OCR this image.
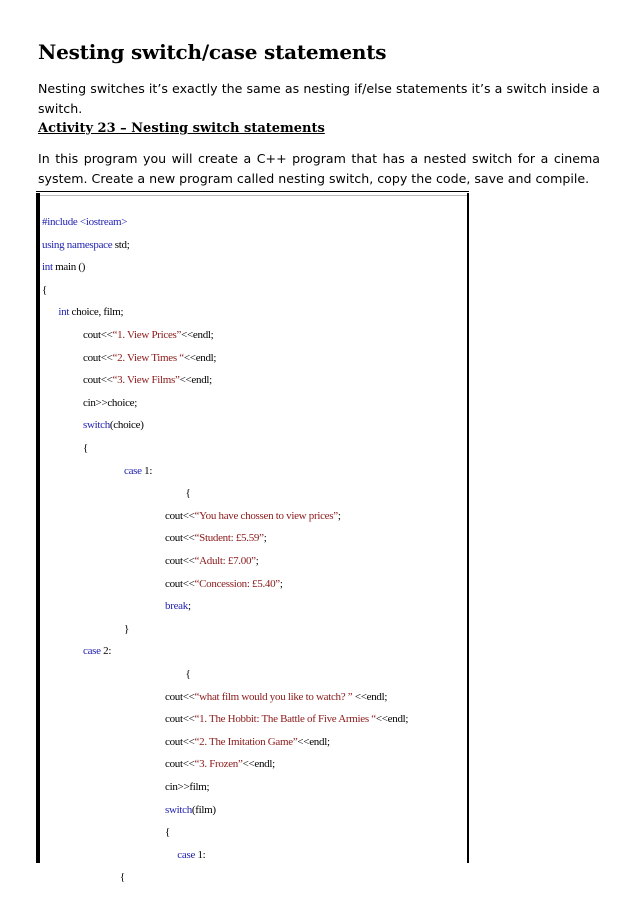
Nesting switch/case statements

Nesting switches it’s exactly the same as nesting if/else statements it’s a switch inside a switch.

Activity 23 – Nesting switch statements

In this program you will create a C++ program that has a nested switch for a cinema system. Create a new program called nesting switch, copy the code, save and compile.

#include <iostream>
using namespace std;
int main ()
{
int choice, film;
cout<<“1. View Prices”<<endl;
cout<<“2. View Times “<<endl;
cout<<“3. View Films”<<endl;
cin>>choice;
switch(choice)
{
case 1:
{
cout<<“You have chossen to view prices”;
cout<<“Student: £5.59”;
cout<<“Adult: £7.00”;
cout<<“Concession: £5.40”;
break;
}
case 2:
{
cout<<“what film would you like to watch? ” <<endl;
cout<<“1. The Hobbit: The Battle of Five Armies “<<endl;
cout<<“2. The Imitation Game”<<endl;
cout<<“3. Frozen”<<endl;
cin>>film;
switch(film)
{
case 1:
{
